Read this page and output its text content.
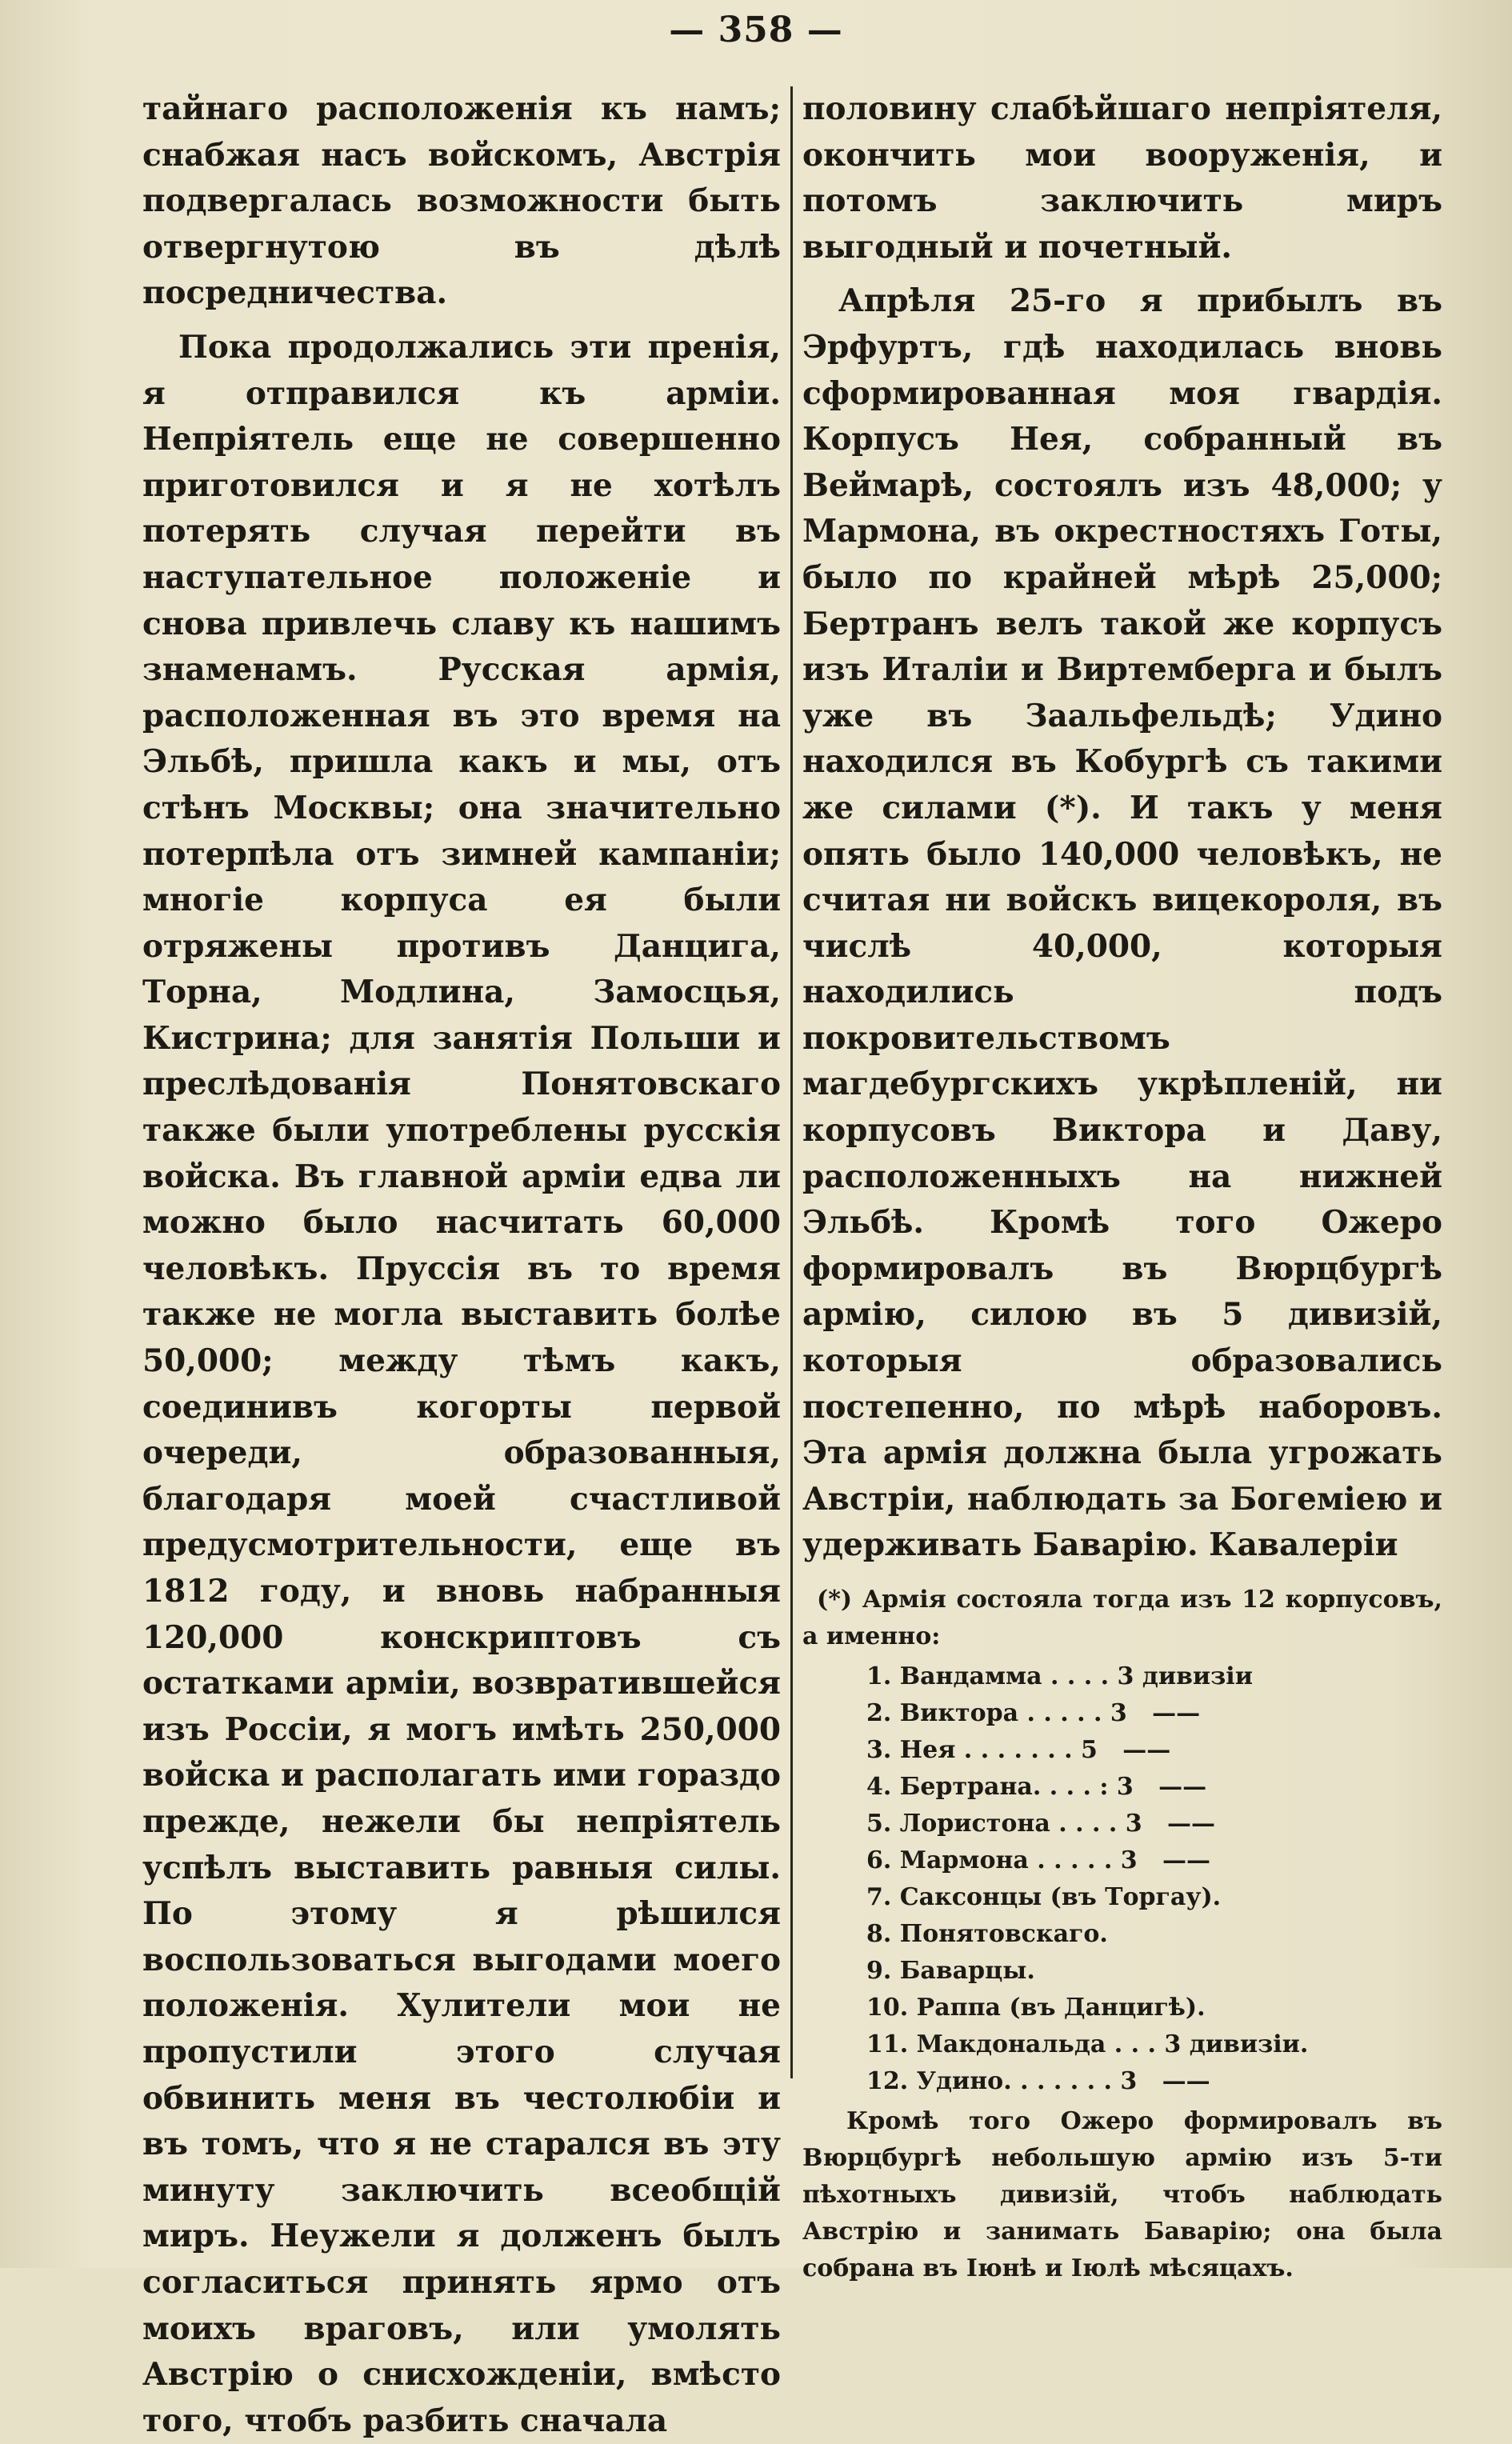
— 358 —

тайнаго расположенія къ намъ; снабжая насъ войскомъ, Австрія подвергалась возможности быть отвергнутою въ дѣлѣ посредничества.

Пока продолжались эти пренія, я отправился къ арміи. Непріятель еще не совершенно приготовился и я не хотѣлъ потерять случая перейти въ наступательное положеніе и снова привлечь славу къ нашимъ знаменамъ. Русская армія, расположенная въ это время на Эльбѣ, пришла какъ и мы, отъ стѣнъ Москвы; она значительно потерпѣла отъ зимней кампаніи; многіе корпуса ея были отряжены противъ Данцига, Торна, Модлина, Замосцья, Кистрина; для занятія Польши и преслѣдованія Понятовскаго также были употреблены русскія войска. Въ главной арміи едва ли можно было насчитать 60,000 человѣкъ. Пруссія въ то время также не могла выставить болѣе 50,000; между тѣмъ какъ, соединивъ когорты первой очереди, образованныя, благодаря моей счастливой предусмотрительности, еще въ 1812 году, и вновь набранныя 120,000 конскриптовъ съ остатками арміи, возвратившейся изъ Россіи, я могъ имѣть 250,000 войска и располагать ими гораздо прежде, нежели бы непріятель успѣлъ выставить равныя силы. По этому я рѣшился воспользоваться выгодами моего положенія. Хулители мои не пропустили этого случая обвинить меня въ честолюбіи и въ томъ, что я не старался въ эту минуту заключить всеобщій миръ. Неужели я долженъ былъ согласиться принять ярмо отъ моихъ враговъ, или умолять Австрію о снисхожденіи, вмѣсто того, чтобъ разбить сначала

половину слабѣйшаго непріятеля, окончить мои вооруженія, и потомъ заключить миръ выгодный и почетный.

Апрѣля 25-го я прибылъ въ Эрфуртъ, гдѣ находилась вновь сформированная моя гвардія. Корпусъ Нея, собранный въ Веймарѣ, состоялъ изъ 48,000; у Мармона, въ окрестностяхъ Готы, было по крайней мѣрѣ 25,000; Бертранъ велъ такой же корпусъ изъ Италіи и Виртемберга и былъ уже въ Заальфельдѣ; Удино находился въ Кобургѣ съ такими же силами (*). И такъ у меня опять было 140,000 человѣкъ, не считая ни войскъ вицекороля, въ числѣ 40,000, которыя находились подъ покровительствомъ магдебургскихъ укрѣпленій, ни корпусовъ Виктора и Даву, расположенныхъ на нижней Эльбѣ. Кромѣ того Ожеро формировалъ въ Вюрцбургѣ армію, силою въ 5 дивизій, которыя образовались постепенно, по мѣрѣ наборовъ. Эта армія должна была угрожать Австріи, наблюдать за Богеміею и удерживать Баварію. Кавалеріи

(*) Армія состояла тогда изъ 12 корпусовъ, а именно:
1. Вандамма . . . . 3 дивизіи
2. Виктора . . . . . 3   ——
3. Нея . . . . . . . 5   ——
4. Бертрана. . . . : 3   ——
5. Лористона . . . . 3   ——
6. Мармона . . . . . 3   ——
7. Саксонцы (въ Торгау).
8. Понятовскаго.
9. Баварцы.
10. Раппа (въ Данцигѣ).
11. Макдональда . . . 3 дивизіи.
12. Удино. . . . . . . 3   ——
Кромѣ того Ожеро формировалъ въ Вюрцбургѣ небольшую армію изъ 5-ти пѣхотныхъ дивизій, чтобъ наблюдать Австрію и занимать Баварію; она была собрана въ Іюнѣ и Іюлѣ мѣсяцахъ.
